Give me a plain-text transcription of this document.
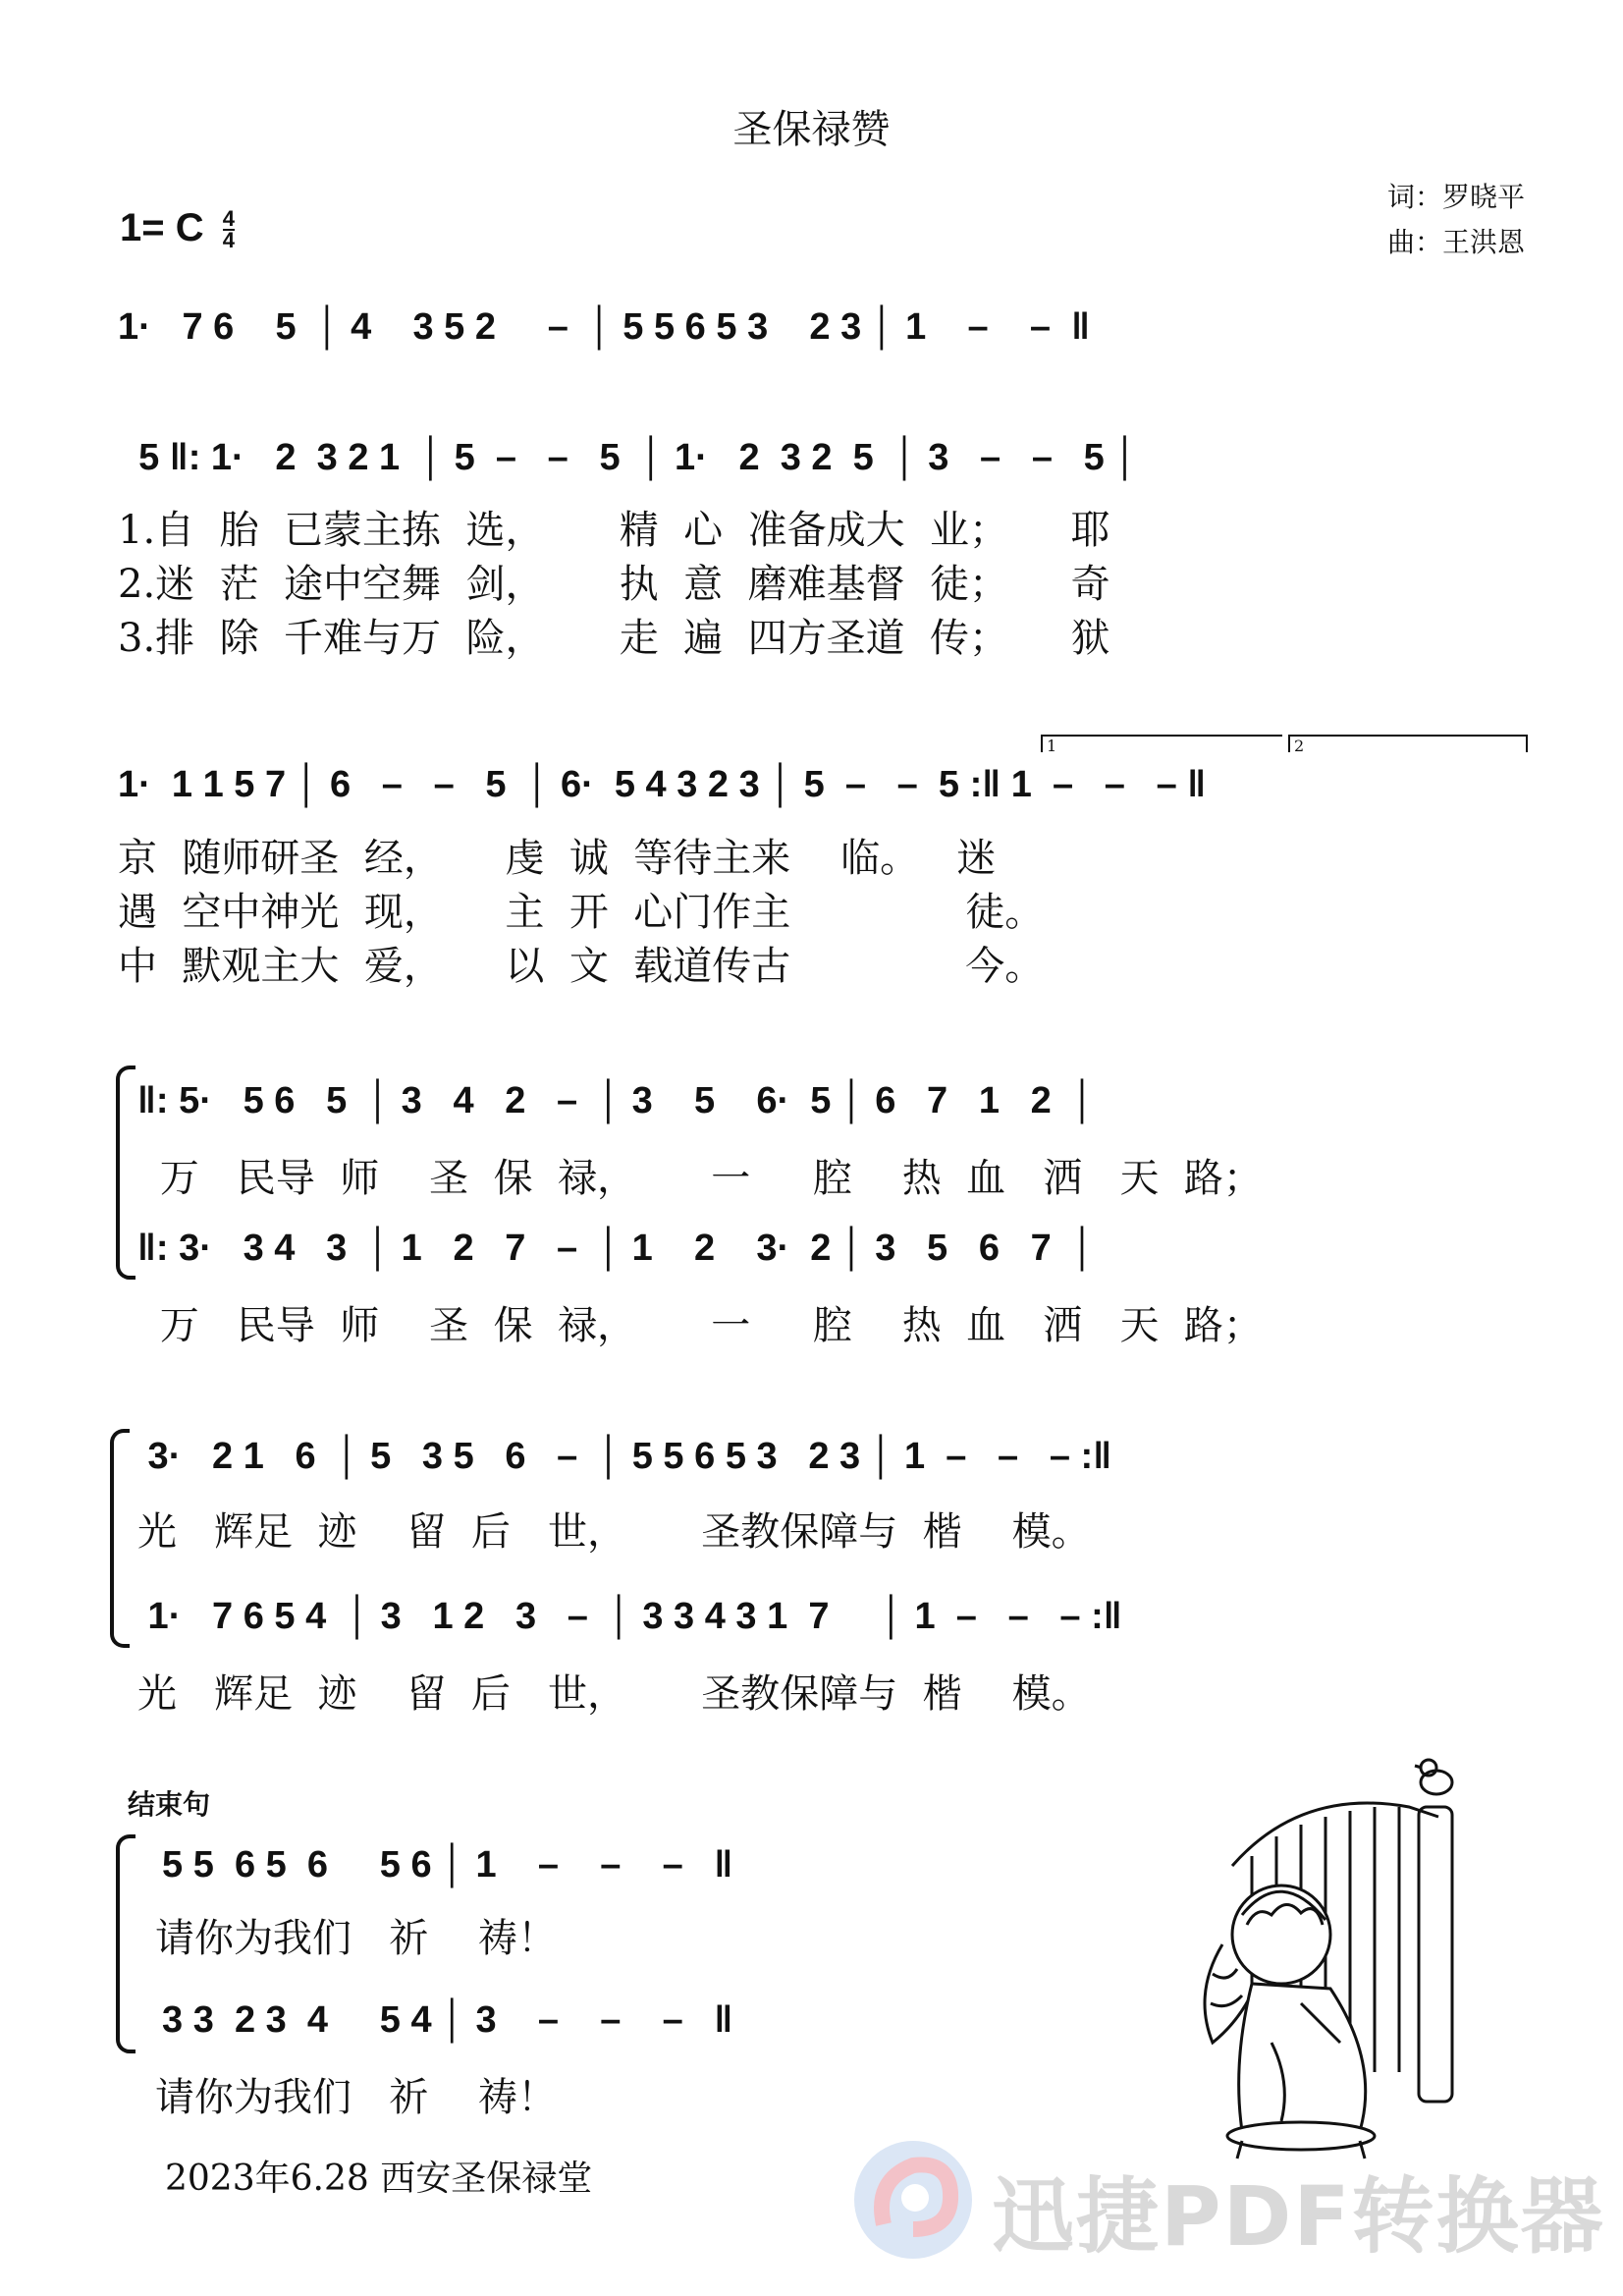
圣保禄赞
词：罗晓平
曲：王洪恩
1= C $\frac{4}{4}$
1·   7 6    5  │ 4    3 5 2     –  │ 5 5 6 5 3    2 3 │ 1    –    –  ‖
5 ‖: 1·   2  3 2 1  │ 5  –   –   5  │ 1·   2  3 2  5  │ 3   –   –   5 │
1.自  胎  已蒙主拣  选，      精  心  准备成大  业；     耶
2.迷  茫  途中空舞  剑，      执  意  磨难基督  徒；     奇
3.排  除  千难与万  险，      走  遍  四方圣道  传；     狱
1	2
1·  1 1 5 7 │ 6   –   –   5  │ 6·  5 4 3 2 3 │ 5  –   –  5 :‖ 1  –   –   – ‖
京  随师研圣  经，     虔  诚  等待主来    临。   迷
遇  空中神光  现，     主  开  心门作主              徒。
中  默观主大  爱，     以  文  载道传古              今。
‖: 5·   5 6   5  │ 3   4   2   –  │ 3    5    6·  5 │ 6   7   1   2  │
万   民导  师    圣  保  禄，      一     腔    热  血   洒   天  路；
‖: 3·   3 4   3  │ 1   2   7   –  │ 1    2    3·  2 │ 3   5   6   7  │
万   民导  师    圣  保  禄，      一     腔    热  血   洒   天  路；
3·   2 1   6  │ 5   3 5   6   –  │ 5 5 6 5 3   2 3 │ 1  –   –   – :‖
光   辉足  迹    留  后   世，      圣教保障与  楷    模。
1·   7 6 5 4  │ 3   1 2   3   –  │ 3 3 4 3 1  7     │ 1  –   –   – :‖
光   辉足  迹    留  后   世，      圣教保障与  楷    模。
结束句
5 5  6 5  6     5 6 │ 1    –    –    –   ‖
请你为我们   祈    祷！
3 3  2 3  4     5 4 │ 3    –    –    –   ‖
请你为我们   祈    祷！
2023年6.28 西安圣保禄堂	迅捷PDF转换器
